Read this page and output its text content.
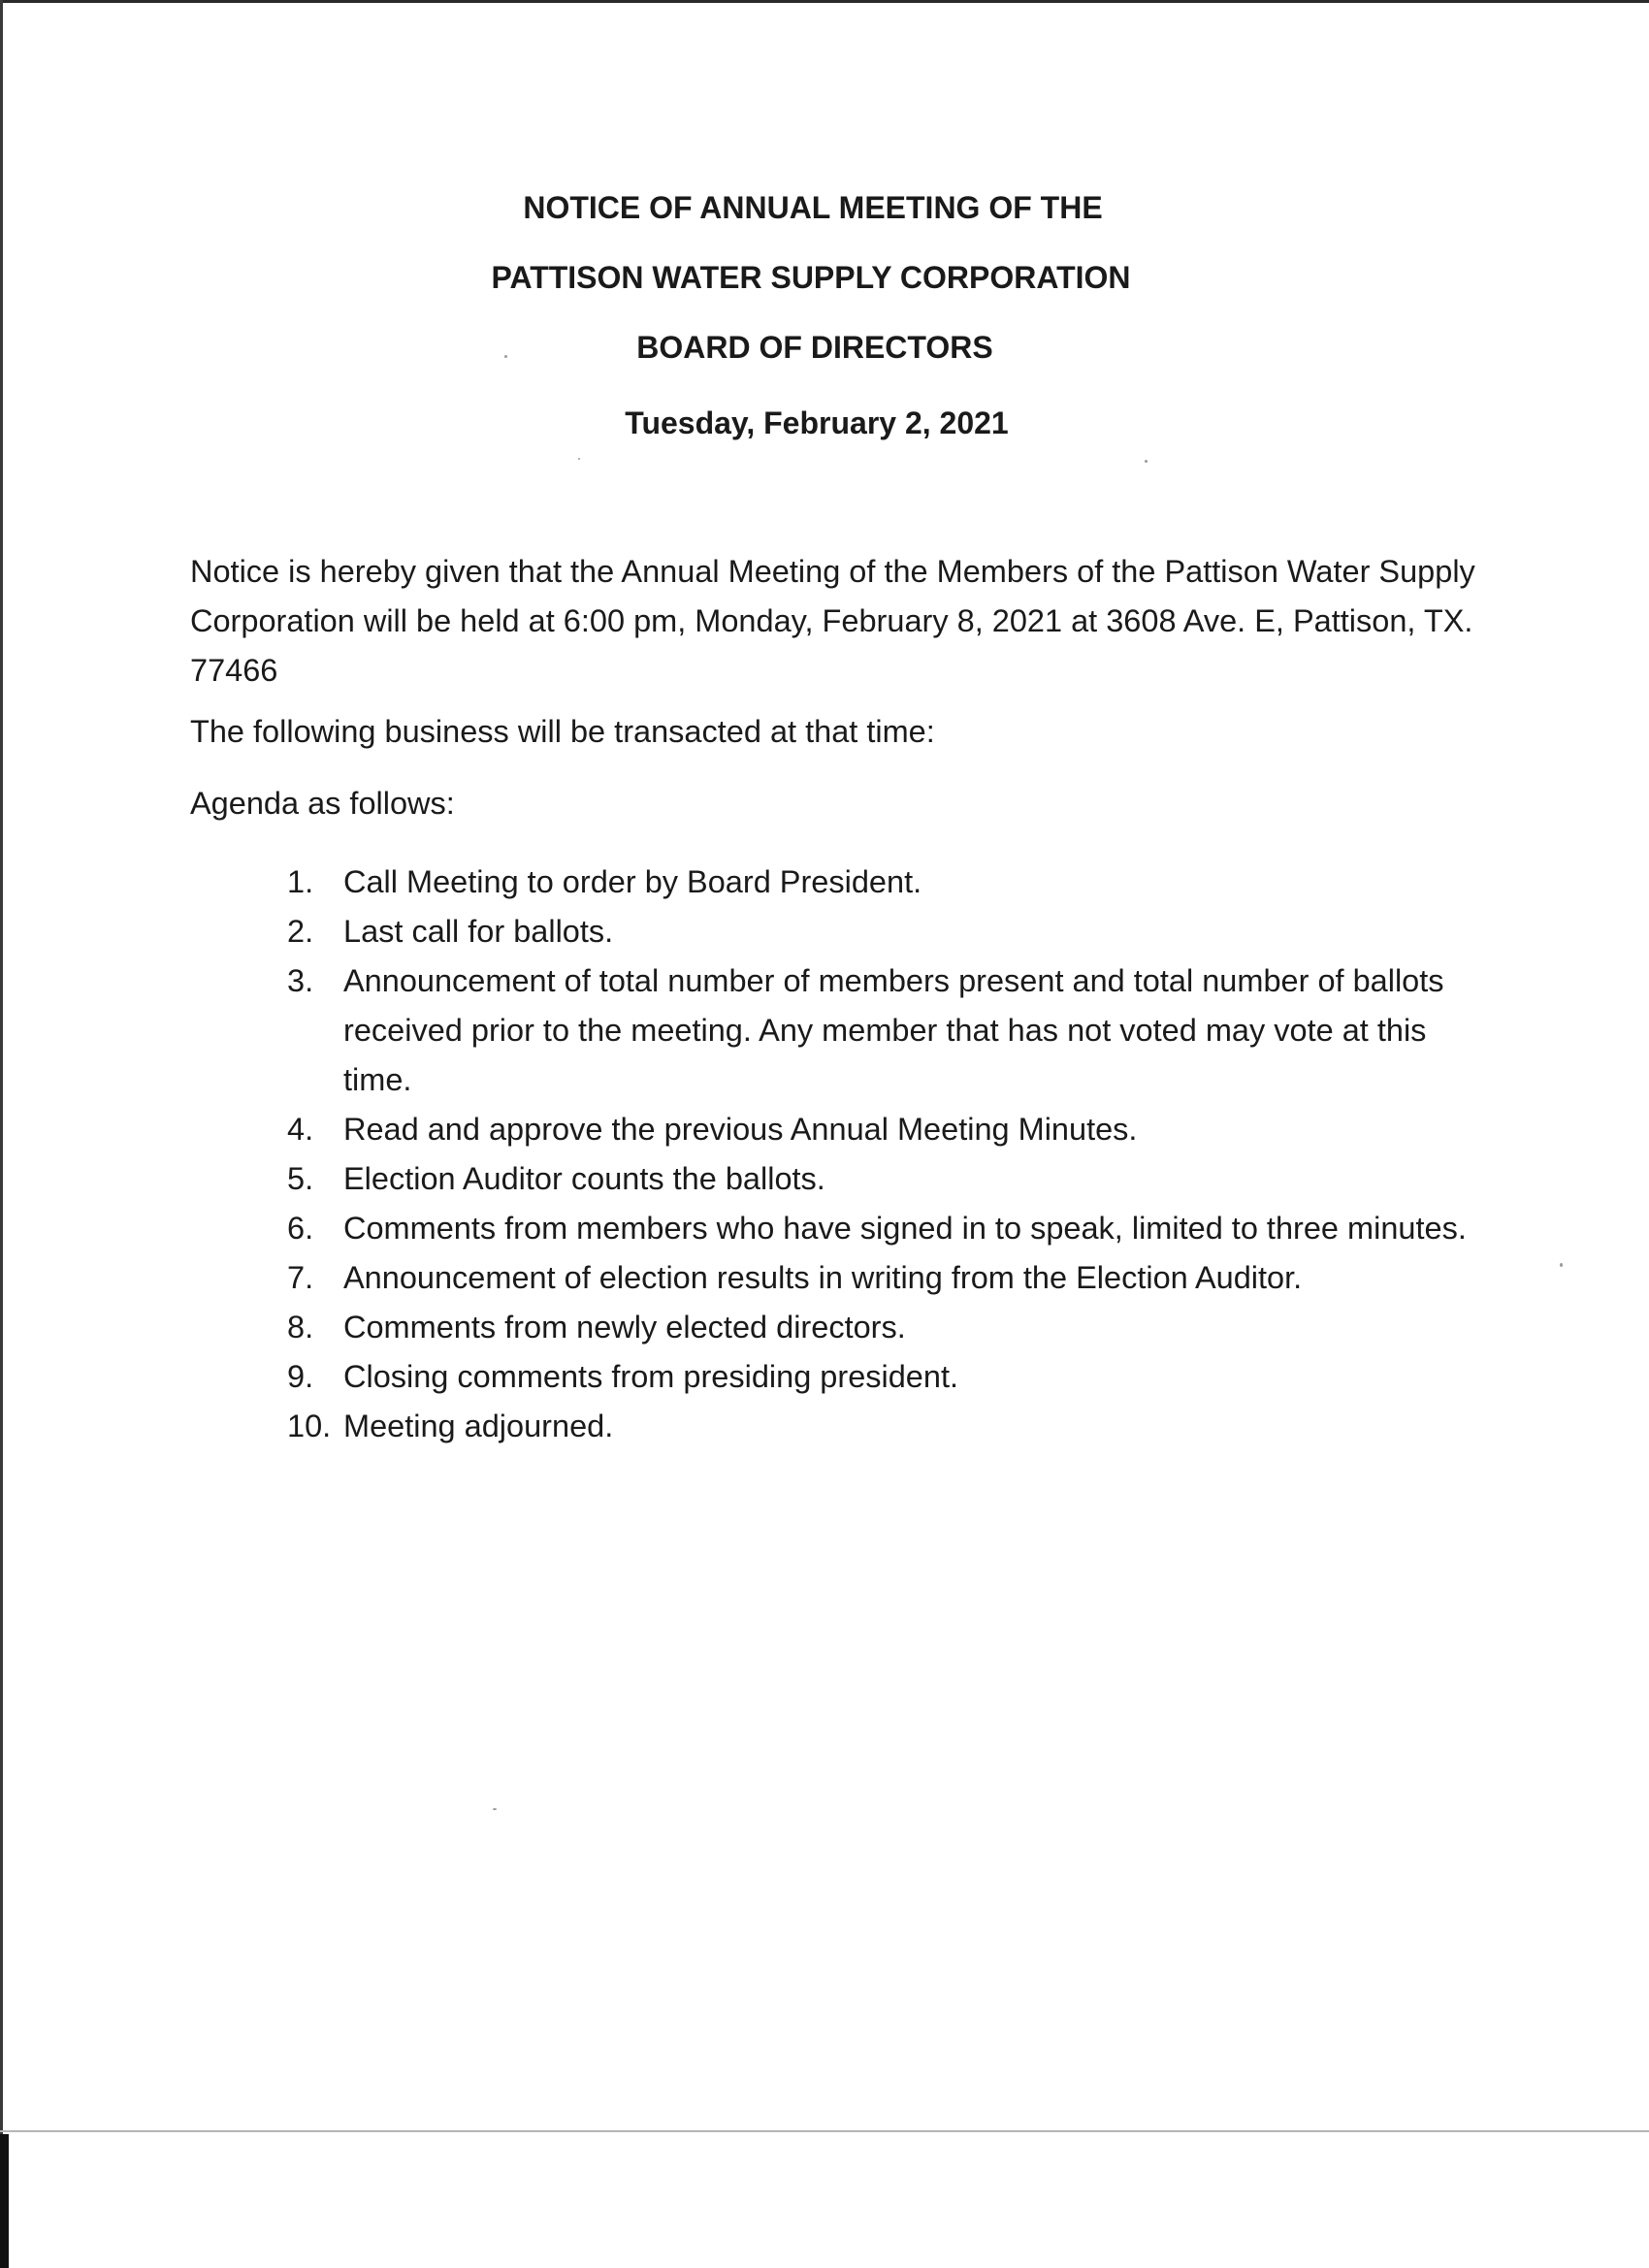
NOTICE OF ANNUAL MEETING OF THE

PATTISON WATER SUPPLY CORPORATION

BOARD OF DIRECTORS

Tuesday, February 2, 2021

Notice is hereby given that the Annual Meeting of the Members of the Pattison Water Supply Corporation will be held at 6:00 pm, Monday, February 8, 2021 at 3608 Ave. E, Pattison, TX. 77466

The following business will be transacted at that time:

Agenda as follows:

1. Call Meeting to order by Board President.
2. Last call for ballots.
3. Announcement of total number of members present and total number of ballots received prior to the meeting. Any member that has not voted may vote at this time.
4. Read and approve the previous Annual Meeting Minutes.
5. Election Auditor counts the ballots.
6. Comments from members who have signed in to speak, limited to three minutes.
7. Announcement of election results in writing from the Election Auditor.
8. Comments from newly elected directors.
9. Closing comments from presiding president.
10. Meeting adjourned.
